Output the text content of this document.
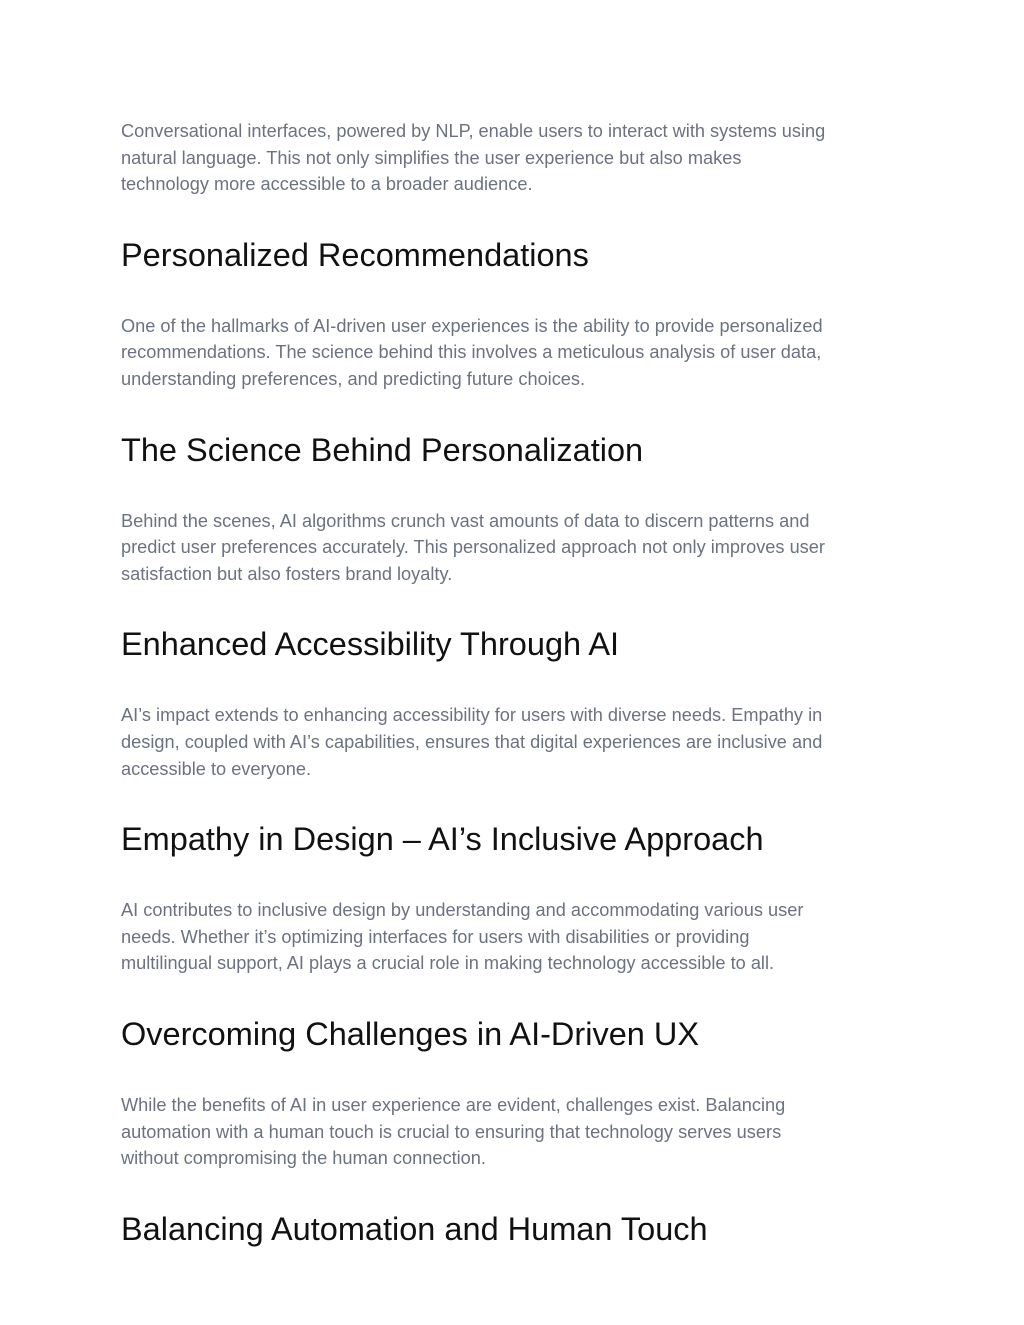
Conversational interfaces, powered by NLP, enable users to interact with systems using
natural language. This not only simplifies the user experience but also makes
technology more accessible to a broader audience.

Personalized Recommendations

One of the hallmarks of AI-driven user experiences is the ability to provide personalized
recommendations. The science behind this involves a meticulous analysis of user data,
understanding preferences, and predicting future choices.

The Science Behind Personalization

Behind the scenes, AI algorithms crunch vast amounts of data to discern patterns and
predict user preferences accurately. This personalized approach not only improves user
satisfaction but also fosters brand loyalty.

Enhanced Accessibility Through AI

AI’s impact extends to enhancing accessibility for users with diverse needs. Empathy in
design, coupled with AI’s capabilities, ensures that digital experiences are inclusive and
accessible to everyone.

Empathy in Design – AI’s Inclusive Approach

AI contributes to inclusive design by understanding and accommodating various user
needs. Whether it’s optimizing interfaces for users with disabilities or providing
multilingual support, AI plays a crucial role in making technology accessible to all.

Overcoming Challenges in AI-Driven UX

While the benefits of AI in user experience are evident, challenges exist. Balancing
automation with a human touch is crucial to ensuring that technology serves users
without compromising the human connection.

Balancing Automation and Human Touch
